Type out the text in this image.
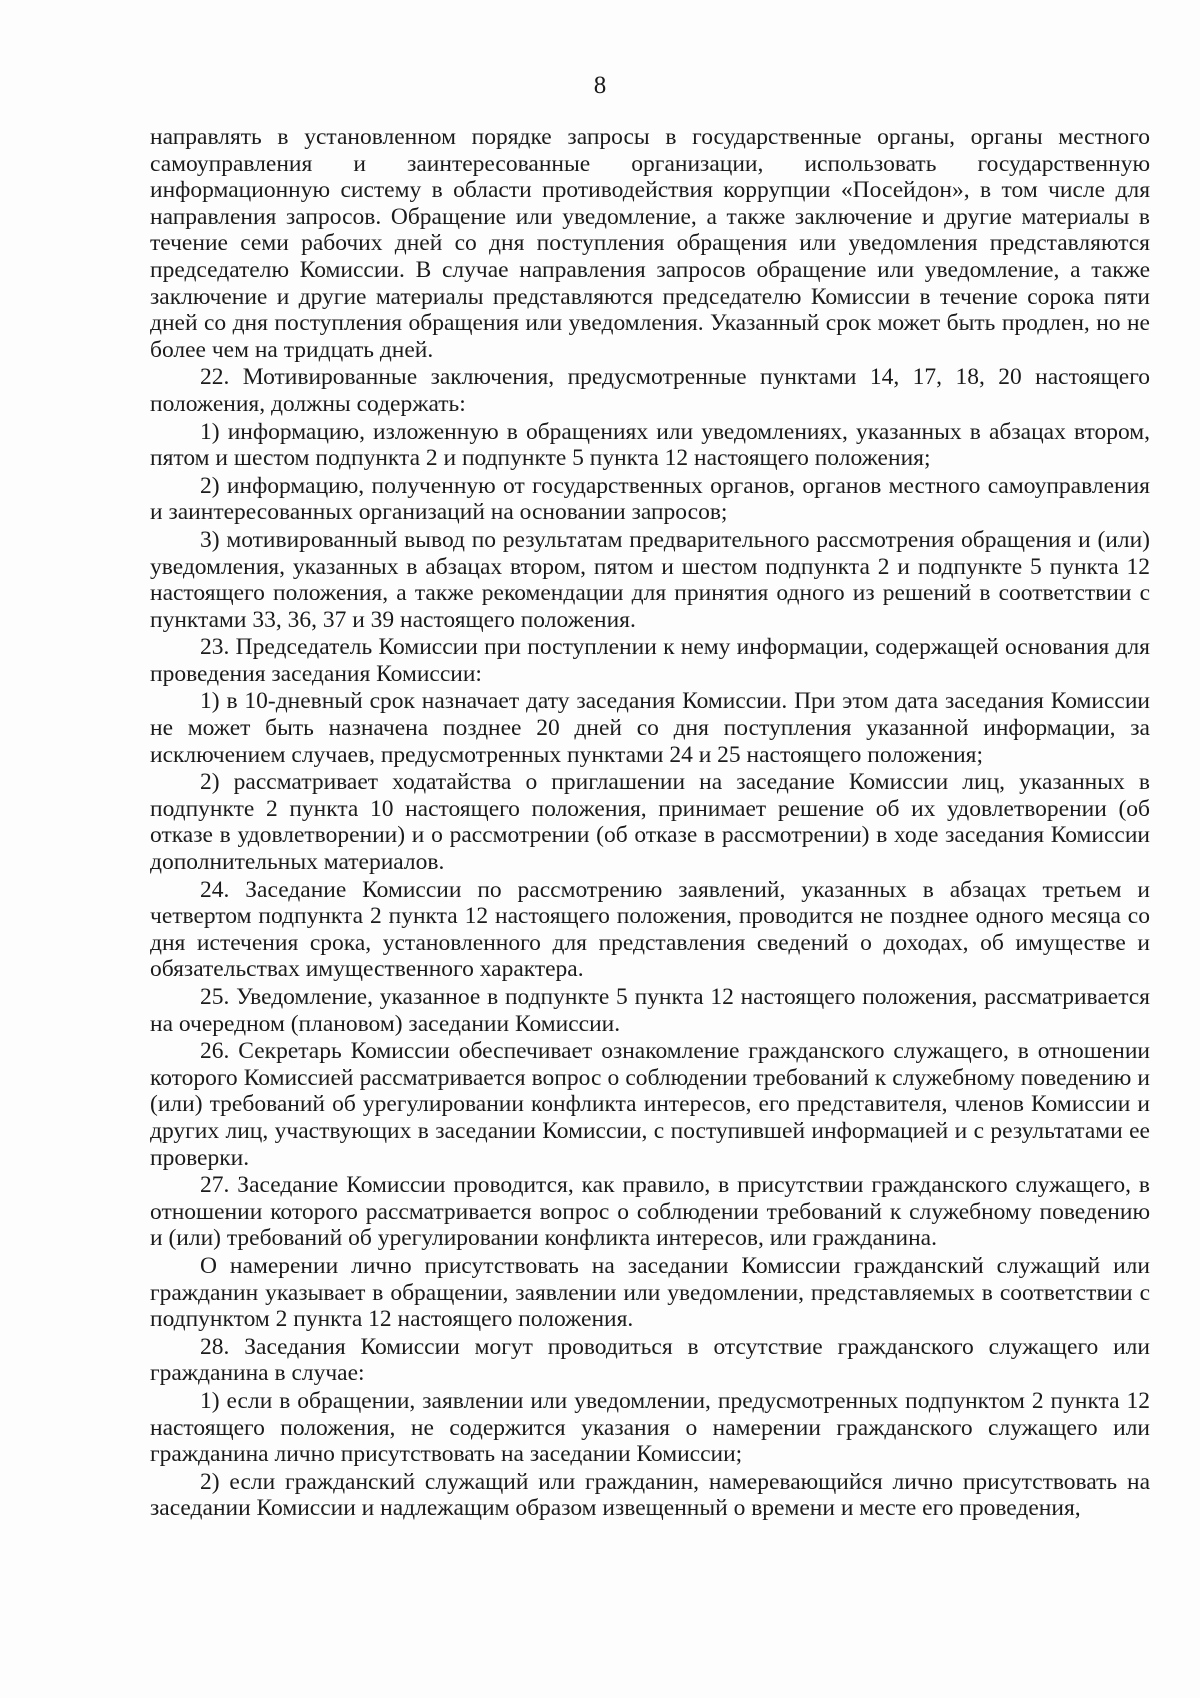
8

направлять в установленном порядке запросы в государственные органы, органы местного самоуправления и заинтересованные организации, использовать государственную информационную систему в области противодействия коррупции «Посейдон», в том числе для направления запросов. Обращение или уведомление, а также заключение и другие материалы в течение семи рабочих дней со дня поступления обращения или уведомления представляются председателю Комиссии. В случае направления запросов обращение или уведомление, а также заключение и другие материалы представляются председателю Комиссии в течение сорока пяти дней со дня поступления обращения или уведомления. Указанный срок может быть продлен, но не более чем на тридцать дней.

22. Мотивированные заключения, предусмотренные пунктами 14, 17, 18, 20 настоящего положения, должны содержать:

1) информацию, изложенную в обращениях или уведомлениях, указанных в абзацах втором, пятом и шестом подпункта 2 и подпункте 5 пункта 12 настоящего положения;

2) информацию, полученную от государственных органов, органов местного самоуправления и заинтересованных организаций на основании запросов;

3) мотивированный вывод по результатам предварительного рассмотрения обращения и (или) уведомления, указанных в абзацах втором, пятом и шестом подпункта 2 и подпункте 5 пункта 12 настоящего положения, а также рекомендации для принятия одного из решений в соответствии с пунктами 33, 36, 37 и 39 настоящего положения.

23. Председатель Комиссии при поступлении к нему информации, содержащей основания для проведения заседания Комиссии:

1) в 10-дневный срок назначает дату заседания Комиссии. При этом дата заседания Комиссии не может быть назначена позднее 20 дней со дня поступления указанной информации, за исключением случаев, предусмотренных пунктами 24 и 25 настоящего положения;

2) рассматривает ходатайства о приглашении на заседание Комиссии лиц, указанных в подпункте 2 пункта 10 настоящего положения, принимает решение об их удовлетворении (об отказе в удовлетворении) и о рассмотрении (об отказе в рассмотрении) в ходе заседания Комиссии дополнительных материалов.

24. Заседание Комиссии по рассмотрению заявлений, указанных в абзацах третьем и четвертом подпункта 2 пункта 12 настоящего положения, проводится не позднее одного месяца со дня истечения срока, установленного для представления сведений о доходах, об имуществе и обязательствах имущественного характера.

25. Уведомление, указанное в подпункте 5 пункта 12 настоящего положения, рассматривается на очередном (плановом) заседании Комиссии.

26. Секретарь Комиссии обеспечивает ознакомление гражданского служащего, в отношении которого Комиссией рассматривается вопрос о соблюдении требований к служебному поведению и (или) требований об урегулировании конфликта интересов, его представителя, членов Комиссии и других лиц, участвующих в заседании Комиссии, с поступившей информацией и с результатами ее проверки.

27. Заседание Комиссии проводится, как правило, в присутствии гражданского служащего, в отношении которого рассматривается вопрос о соблюдении требований к служебному поведению и (или) требований об урегулировании конфликта интересов, или гражданина.

О намерении лично присутствовать на заседании Комиссии гражданский служащий или гражданин указывает в обращении, заявлении или уведомлении, представляемых в соответствии с подпунктом 2 пункта 12 настоящего положения.

28. Заседания Комиссии могут проводиться в отсутствие гражданского служащего или гражданина в случае:

1) если в обращении, заявлении или уведомлении, предусмотренных подпунктом 2 пункта 12 настоящего положения, не содержится указания о намерении гражданского служащего или гражданина лично присутствовать на заседании Комиссии;

2) если гражданский служащий или гражданин, намеревающийся лично присутствовать на заседании Комиссии и надлежащим образом извещенный о времени и месте его проведения,
